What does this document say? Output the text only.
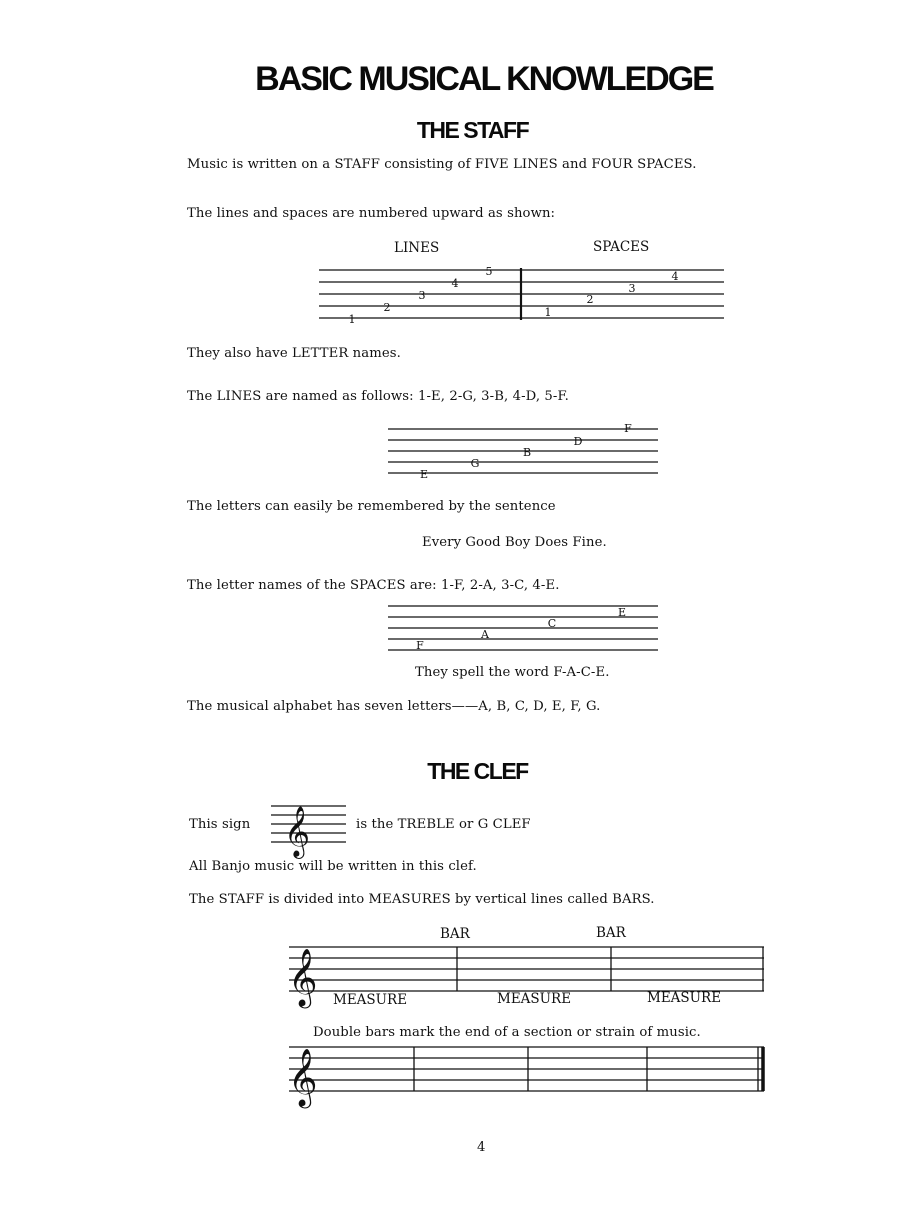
BASIC MUSICAL KNOWLEDGE
THE STAFF
Music is written on a STAFF consisting of FIVE LINES and FOUR SPACES.
The lines and spaces are numbered upward as shown:
LINES	SPACES
They also have LETTER names.
The LINES are named as follows: 1-E, 2-G, 3-B, 4-D, 5-F.
The letters can easily be remembered by the sentence
Every Good Boy Does Fine.
The letter names of the SPACES are: 1-F, 2-A, 3-C, 4-E.
They spell the word F-A-C-E.
The musical alphabet has seven letters——A, B, C, D, E, F, G.
THE CLEF
This sign	is the TREBLE or G CLEF
All Banjo music will be written in this clef.
The STAFF is divided into MEASURES by vertical lines called BARS.
BAR	BAR
MEASURE	MEASURE	MEASURE
Double bars mark the end of a section or strain of music.
4
1
2
3
4
5
1
2
3
4
E
G
B
D
F
F
A
C
E
𝄞
𝄞
𝄞
